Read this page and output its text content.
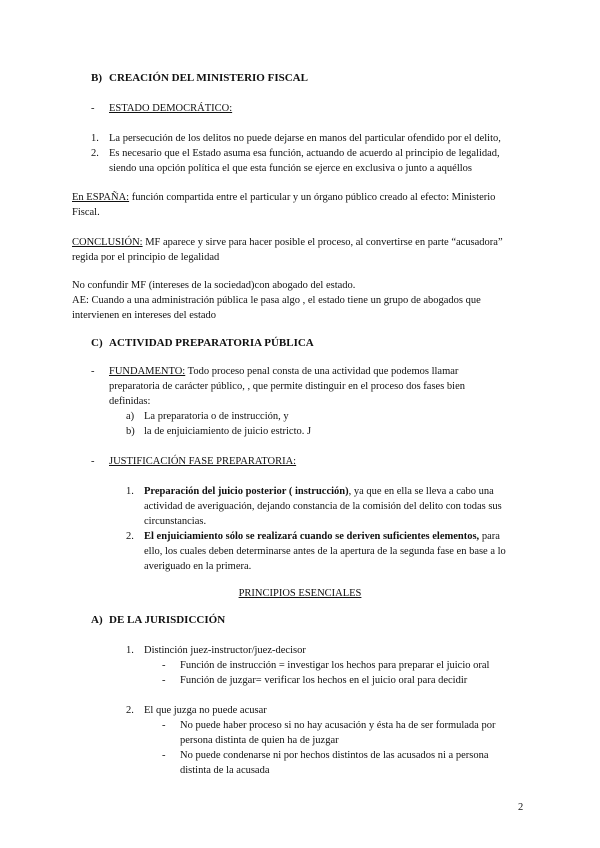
B) CREACIÓN DEL MINISTERIO FISCAL
- ESTADO DEMOCRÁTICO:
1. La persecución de los delitos no puede dejarse en manos del particular ofendido por el delito,
2. Es necesario que el Estado asuma esa función, actuando de acuerdo al principio de legalidad,
siendo una opción política el que esta función se ejerce en exclusiva o junto a aquéllos

En ESPAÑA: función compartida entre el particular y un órgano público creado al efecto: Ministerio

Fiscal.

CONCLUSIÓN: MF aparece y sirve para hacer posible el proceso, al convertirse en parte “acusadora”

regida por el principio de legalidad
No confundir MF (intereses de la sociedad)con abogado del estado.
AE: Cuando a una administración pública le pasa algo , el estado tiene un grupo de abogados que
intervienen en intereses del estado
C) ACTIVIDAD PREPARATORIA PÚBLICA
- FUNDAMENTO: Todo proceso penal consta de una actividad que podemos llamar

preparatoria de carácter público, , que permite distinguir en el proceso dos fases bien
definidas:
a) La preparatoria o de instrucción, y
b) la de enjuiciamiento de juicio estricto. J
- JUSTIFICACIÓN FASE PREPARATORIA:
1. Preparación del juicio posterior ( instrucción), ya que en ella se lleva a cabo una

actividad de averiguación, dejando constancia de la comisión del delito con todas sus
circunstancias.
2. El enjuiciamiento sólo se realizará cuando se deriven suficientes elementos, para

ello, los cuales deben determinarse antes de la apertura de la segunda fase en base a lo
averiguado en la primera.
PRINCIPIOS ESENCIALES
A) DE LA JURISDICCIÓN
1. Distinción juez-instructor/juez-decisor
- Función de instrucción = investigar los hechos para preparar el juicio oral
- Función de juzgar= verificar los hechos en el juicio oral para decidir
2. El que juzga no puede acusar
- No puede haber proceso si no hay acusación y ésta ha de ser formulada por
persona distinta de quien ha de juzgar
- No puede condenarse ni por hechos distintos de las acusados ni a persona
distinta de la acusada
2
